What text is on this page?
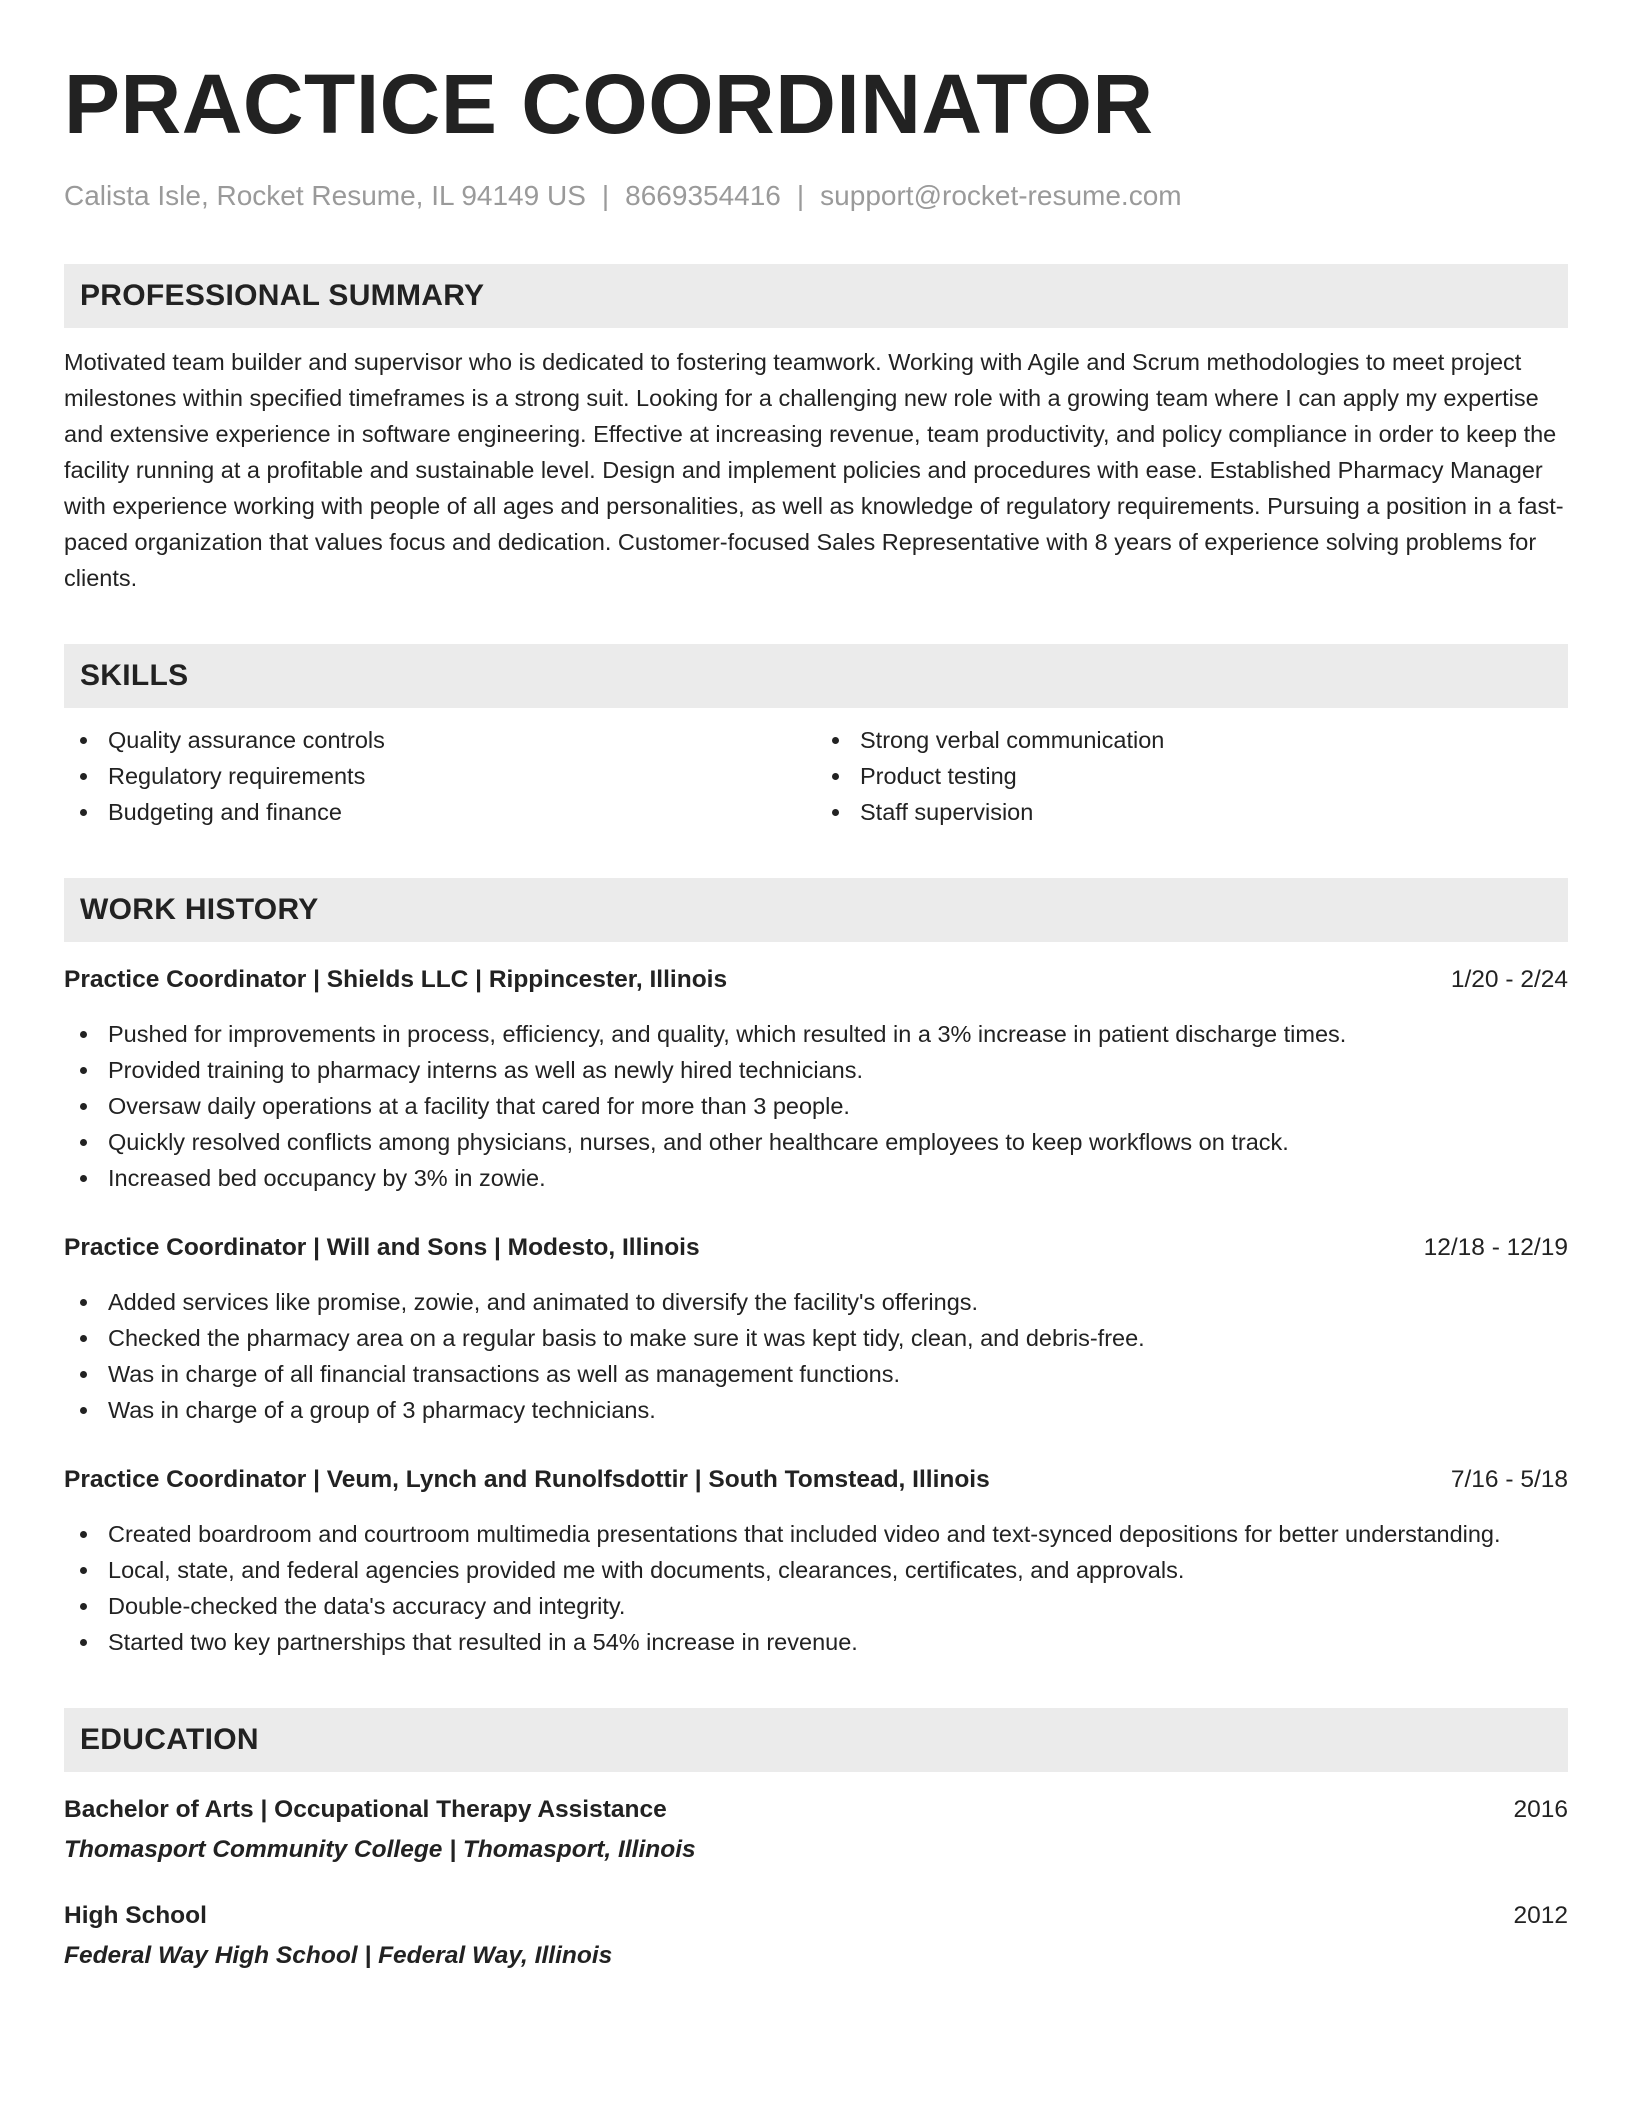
PRACTICE COORDINATOR
Calista Isle, Rocket Resume, IL 94149 US | 8669354416 | support@rocket-resume.com
PROFESSIONAL SUMMARY

Motivated team builder and supervisor who is dedicated to fostering teamwork. Working with Agile and Scrum methodologies to meet project milestones within specified timeframes is a strong suit. Looking for a challenging new role with a growing team where I can apply my expertise and extensive experience in software engineering. Effective at increasing revenue, team productivity, and policy compliance in order to keep the facility running at a profitable and sustainable level. Design and implement policies and procedures with ease. Established Pharmacy Manager with experience working with people of all ages and personalities, as well as knowledge of regulatory requirements. Pursuing a position in a fast-paced organization that values focus and dedication. Customer-focused Sales Representative with 8 years of experience solving problems for clients.

SKILLS
Quality assurance controls
Regulatory requirements
Budgeting and finance
Strong verbal communication
Product testing
Staff supervision
WORK HISTORY
Practice Coordinator | Shields LLC | Rippincester, Illinois	1/20 - 2/24
Pushed for improvements in process, efficiency, and quality, which resulted in a 3% increase in patient discharge times.
Provided training to pharmacy interns as well as newly hired technicians.
Oversaw daily operations at a facility that cared for more than 3 people.
Quickly resolved conflicts among physicians, nurses, and other healthcare employees to keep workflows on track.
Increased bed occupancy by 3% in zowie.
Practice Coordinator | Will and Sons | Modesto, Illinois	12/18 - 12/19
Added services like promise, zowie, and animated to diversify the facility's offerings.
Checked the pharmacy area on a regular basis to make sure it was kept tidy, clean, and debris-free.
Was in charge of all financial transactions as well as management functions.
Was in charge of a group of 3 pharmacy technicians.
Practice Coordinator | Veum, Lynch and Runolfsdottir | South Tomstead, Illinois	7/16 - 5/18
Created boardroom and courtroom multimedia presentations that included video and text-synced depositions for better understanding.
Local, state, and federal agencies provided me with documents, clearances, certificates, and approvals.
Double-checked the data's accuracy and integrity.
Started two key partnerships that resulted in a 54% increase in revenue.
EDUCATION
Bachelor of Arts | Occupational Therapy Assistance	2016
Thomasport Community College | Thomasport, Illinois
High School	2012
Federal Way High School | Federal Way, Illinois
